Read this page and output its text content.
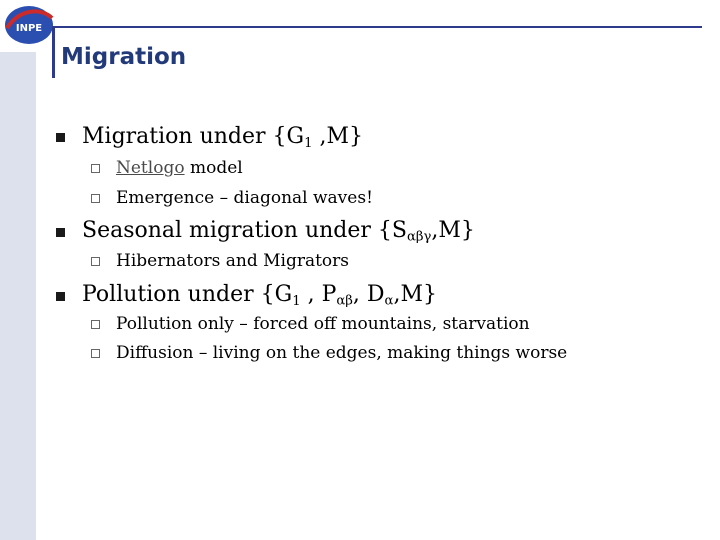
INPE
Migration
Migration under {$G_1$ ,M}
Netlogo model
Emergence – diagonal waves!
Seasonal migration under {Sαβγ,M}
Hibernators and Migrators
Pollution under {$G_1$ , Pαβ, Dα,M}
Pollution only – forced off mountains, starvation
Diffusion – living on the edges, making things worse
